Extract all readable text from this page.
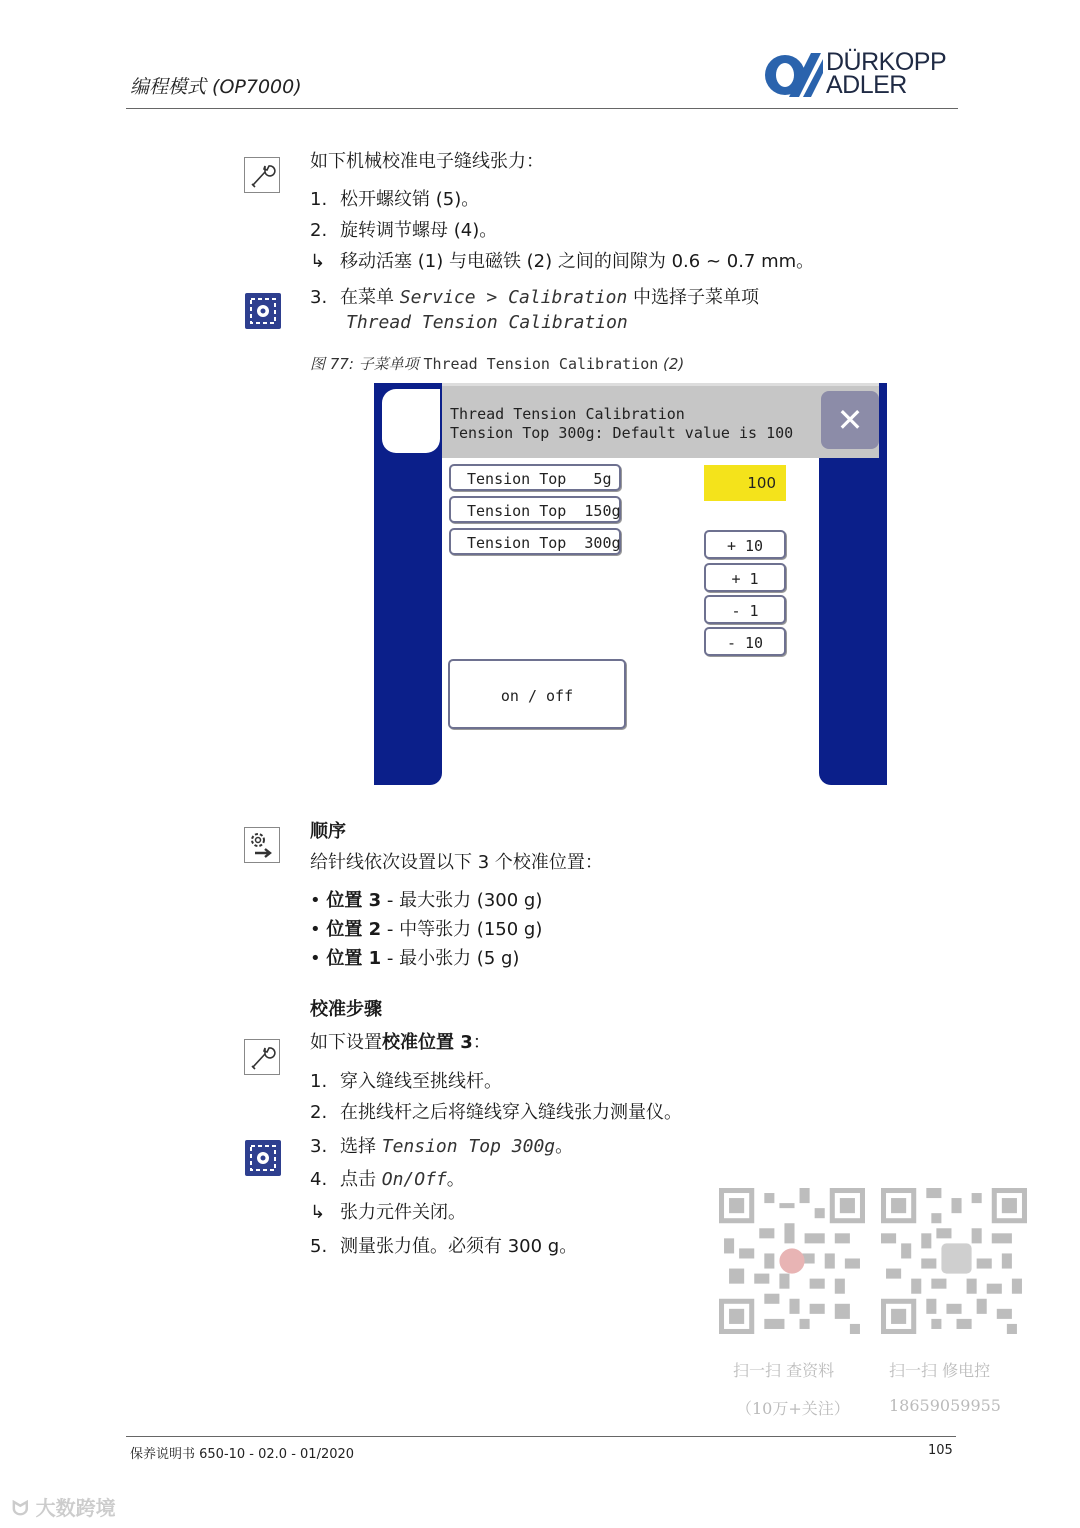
编程模式 (OP7000)
DÜRKOPP
ADLER
如下机械校准电子缝线张力：
1. 松开螺纹销 (5)。
2. 旋转调节螺母 (4)。
↳ 移动活塞 (1) 与电磁铁 (2) 之间的间隙为 0.6 ~ 0.7 mm。
3. 在菜单 Service > Calibration 中选择子菜单项
Thread Tension Calibration
图 77: 子菜单项 Thread Tension Calibration (2)
Thread Tension Calibration
Tension Top 300g: Default value is 100	✕
Tension Top   5g
Tension Top  150g
Tension Top  300g
100
+ 10
+ 1
- 1
- 10
on / off
顺序
给针线依次设置以下 3 个校准位置：
• 位置 3 - 最大张力 (300 g)
• 位置 2 - 中等张力 (150 g)
• 位置 1 - 最小张力 (5 g)
校准步骤
如下设置校准位置 3：
1. 穿入缝线至挑线杆。
2. 在挑线杆之后将缝线穿入缝线张力测量仪。
3. 选择 Tension Top 300g。
4. 点击 On/Off。
↳ 张力元件关闭。
5. 测量张力值。必须有 300 g。
扫一扫 查资料
（10万+关注）
扫一扫 修电控
18659059955
保养说明书 650-10 - 02.0 - 01/2020	105
ᗢ 大数跨境
